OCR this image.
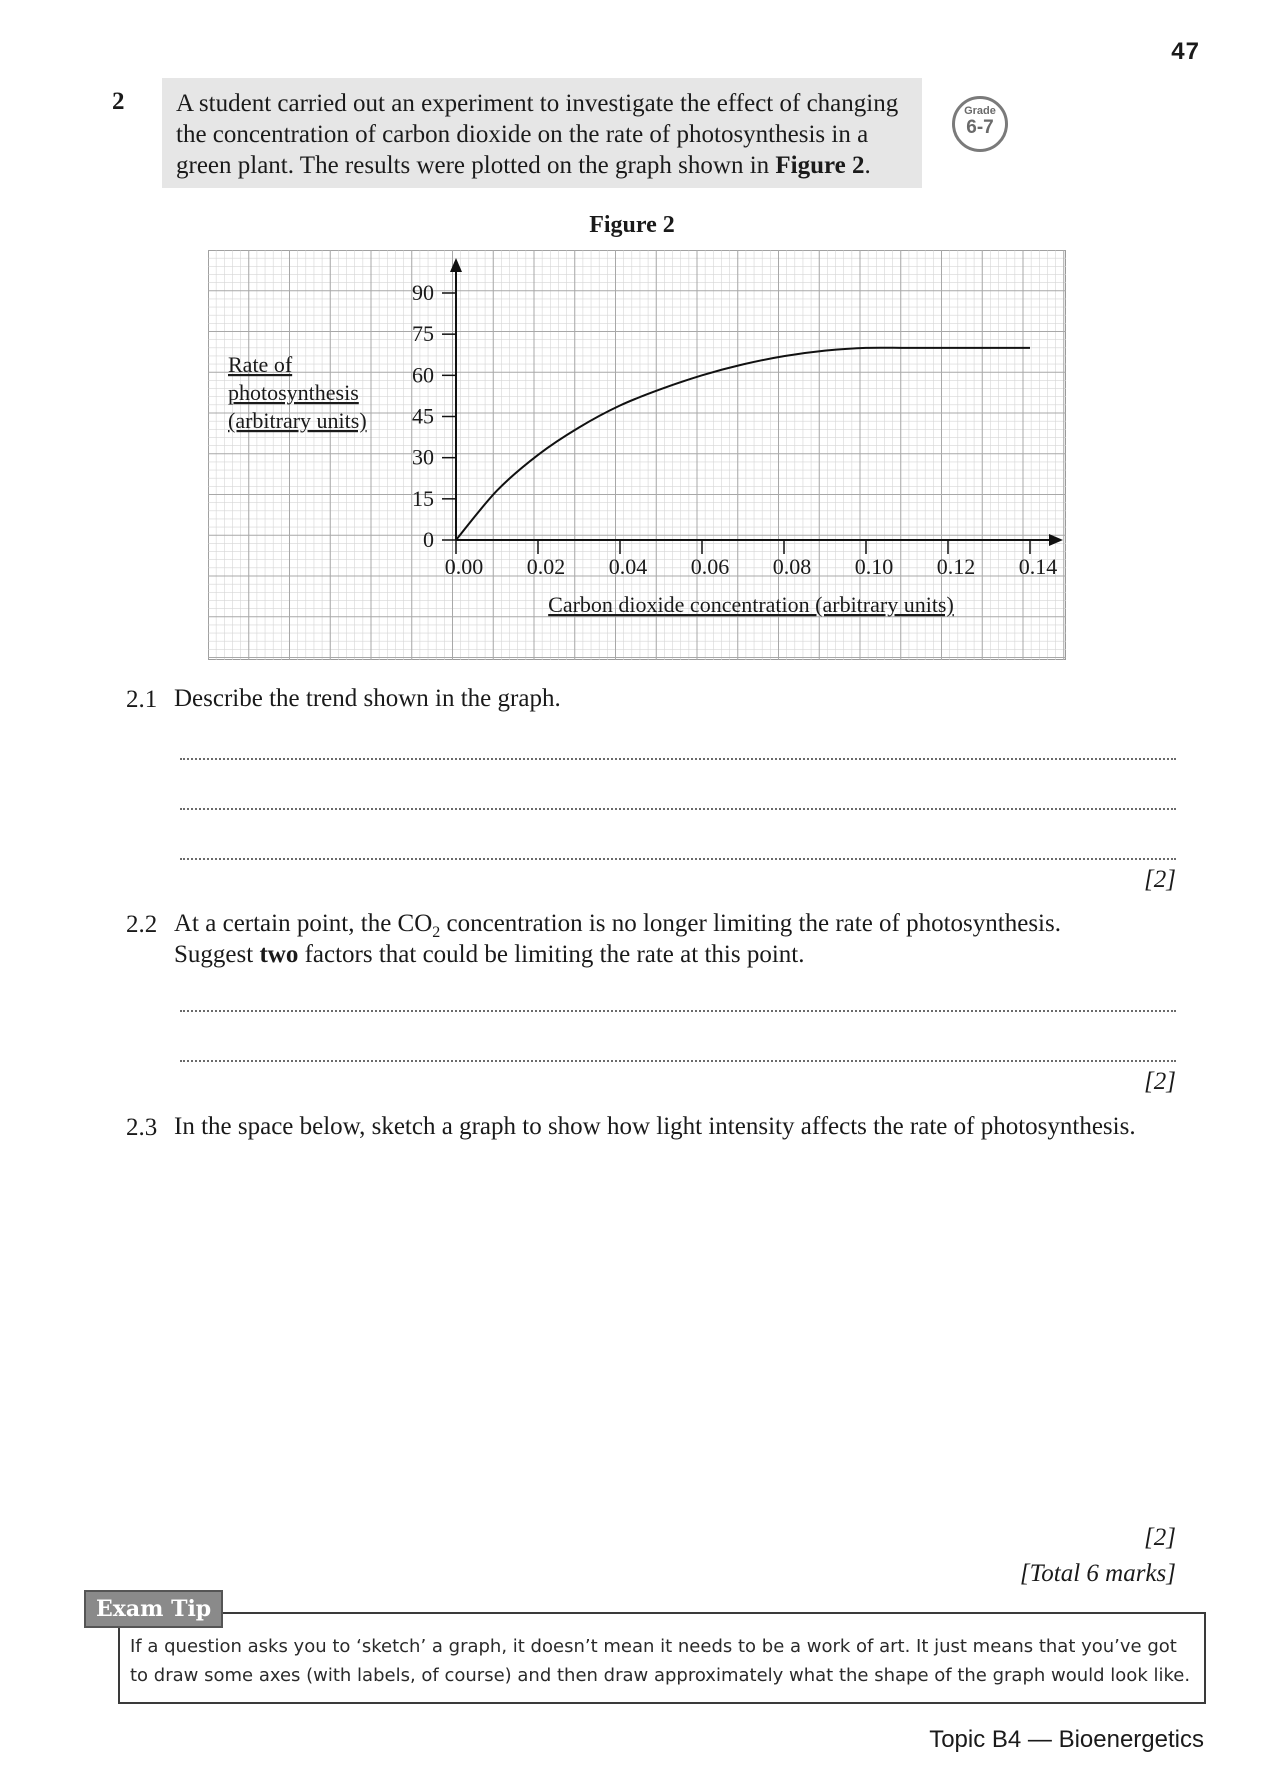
47
2	A student carried out an experiment to investigate the effect of changing the concentration of carbon dioxide on the rate of photosynthesis in a green plant. The results were plotted on the graph shown in Figure 2.
Grade
6-7
Figure 2
0
15
30
45
60
75
90
0.00 0.02 0.04 0.06 0.08 0.10 0.12 0.14
Carbon dioxide concentration (arbitrary units)
Rate of
photosynthesis
(arbitrary units)
2.1 Describe the trend shown in the graph.
[2]
2.2 At a certain point, the $CO_2$ concentration is no longer limiting the rate of photosynthesis.
Suggest two factors that could be limiting the rate at this point.
[2]
2.3 In the space below, sketch a graph to show how light intensity affects the rate of photosynthesis.
[2]
[Total 6 marks]
Exam Tip
If a question asks you to ‘sketch’ a graph, it doesn’t mean it needs to be a work of art. It just means that you’ve got to draw some axes (with labels, of course) and then draw approximately what the shape of the graph would look like.
Topic B4 — Bioenergetics
